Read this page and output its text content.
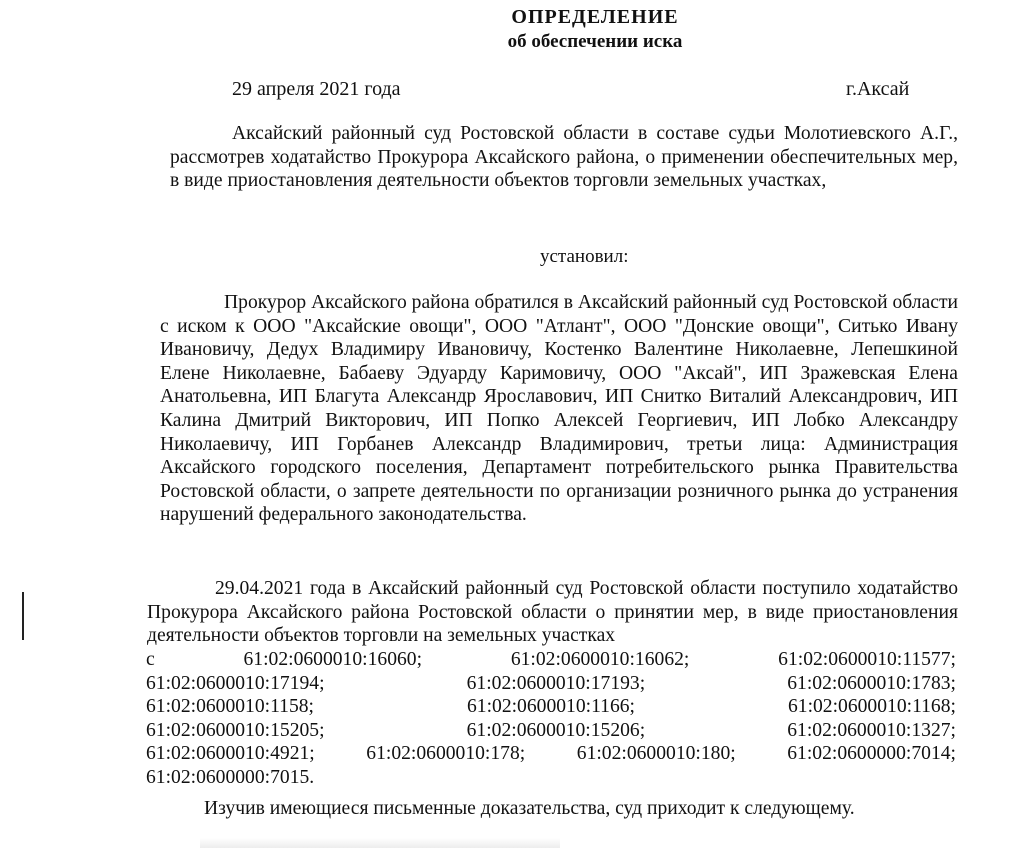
ОПРЕДЕЛЕНИЕ
об обеспечении иска
29 апреля 2021 года	г.Аксай
Аксайский районный суд Ростовской области в составе судьи Молотиевского А.Г., рассмотрев ходатайство Прокурора Аксайского района, о применении обеспечительных мер, в виде приостановления деятельности объектов торговли земельных участках,
установил:
Прокурор Аксайского района обратился в Аксайский районный суд Ростовской области с иском к ООО "Аксайские овощи", ООО "Атлант", ООО "Донские овощи", Ситько Ивану Ивановичу, Дедух Владимиру Ивановичу, Костенко Валентине Николаевне, Лепешкиной Елене Николаевне, Бабаеву Эдуарду Каримовичу, ООО "Аксай", ИП Зражевская Елена Анатольевна, ИП Благута Александр Ярославович, ИП Снитко Виталий Александрович, ИП Калина Дмитрий Викторович, ИП Попко Алексей Георгиевич, ИП Лобко Александру Николаевичу, ИП Горбанев Александр Владимирович, третьи лица: Администрация Аксайского городского поселения, Департамент потребительского рынка Правительства Ростовской области, о запрете деятельности по организации розничного рынка до устранения нарушений федерального законодательства.
29.04.2021 года в Аксайский районный суд Ростовской области поступило ходатайство Прокурора Аксайского района Ростовской области о принятии мер, в виде приостановления деятельности объектов торговли на земельных участках
с	61:02:0600010:16060;	61:02:0600010:16062;	61:02:0600010:11577;
61:02:0600010:17194;	61:02:0600010:17193;	61:02:0600010:1783;
61:02:0600010:1158;	61:02:0600010:1166;	61:02:0600010:1168;
61:02:0600010:15205;	61:02:0600010:15206;	61:02:0600010:1327;
61:02:0600010:4921;	61:02:0600010:178;	61:02:0600010:180;	61:02:0600000:7014;
61:02:0600000:7015.
Изучив имеющиеся письменные доказательства, суд приходит к следующему.
